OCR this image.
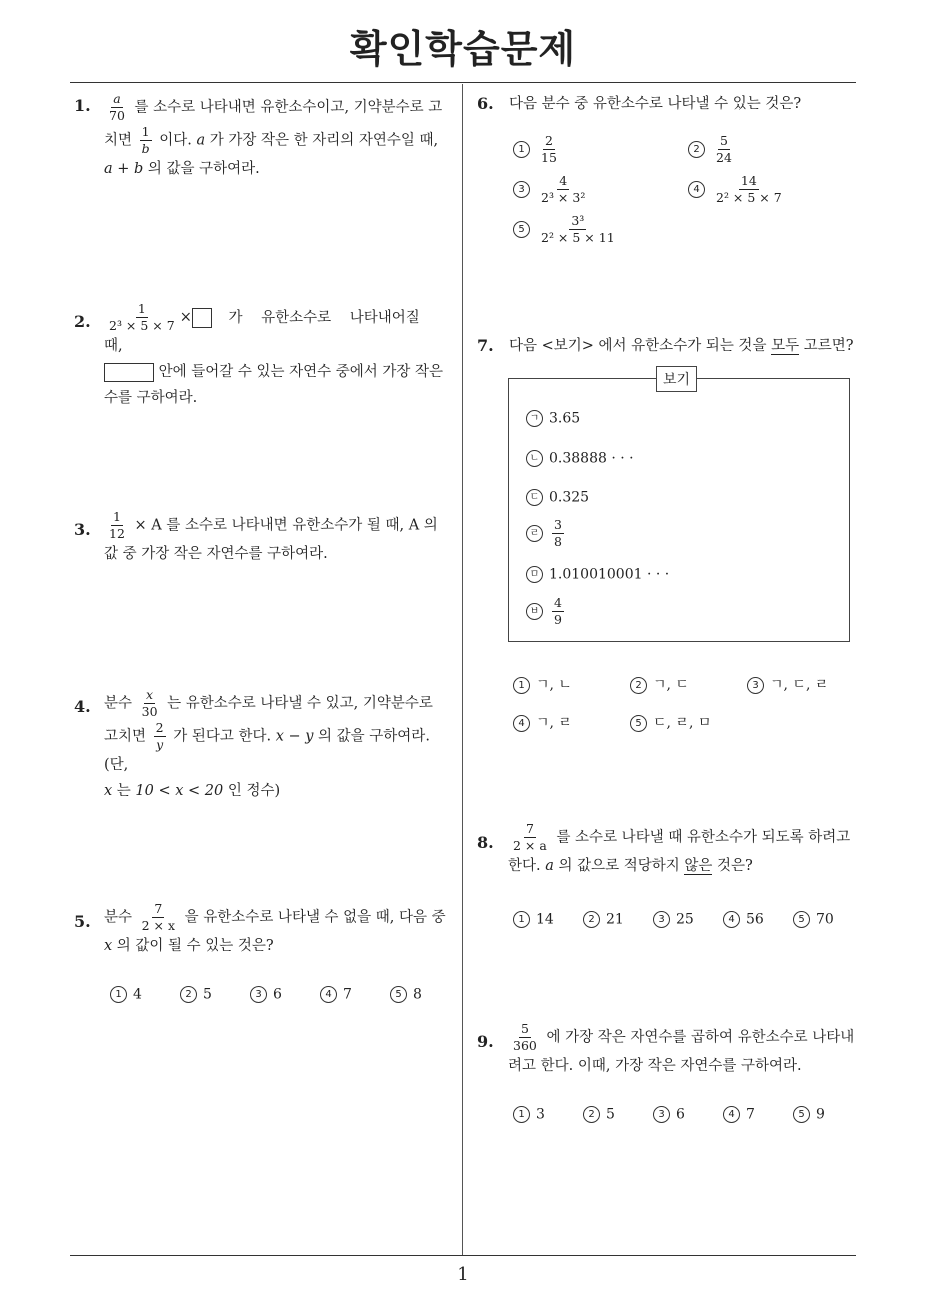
확인학습문제
1
1. $\frac{a}{70}$ 를 소수로 나타내면 유한소수이고, 기약분수로 고
치면 $\frac{1}{b}$ 이다. a 가 가장 작은 한 자리의 자연수일 때,
a + b 의 값을 구하여라.
2. $\frac{1}{\text{2³ × 5 × 7}}$ ×	가 유한소수로 나타내어질 때,
안에 들어갈 수 있는 자연수 중에서 가장 작은
수를 구하여라.
3. $\frac{1}{12} \times A$ 를 소수로 나타내면 유한소수가 될 때, A 의
값 중 가장 작은 자연수를 구하여라.
4. 분수 $\frac{x}{30}$ 는 유한소수로 나타낼 수 있고, 기약분수로
고치면 $\frac{2}{y}$ 가 된다고 한다. x − y 의 값을 구하여라. (단,
x 는 10 < x < 20 인 정수)
5. 분수 $\frac{7}{2 \times x}$ 을 유한소수로 나타낼 수 없을 때, 다음 중
x 의 값이 될 수 있는 것은?
1 4	2 5	3 6	4 7	5 8
6. 다음 분수 중 유한소수로 나타낼 수 있는 것은?
$1 \frac{2}{15}$	$2 \frac{5}{24}$
$3 \frac{4}{\text{2³ × 3²}}$	$4 \frac{14}{\text{2² × 5 × 7}}$
$5 \frac{\text{3³}}{\text{2² × 5 × 11}}$
7. 다음 <보기> 에서 유한소수가 되는 것을 모두 고르면?
보기
ㄱ 3.65
ㄴ 0.38888 · · ·
ㄷ 0.325
ㄹ $\frac{3}{8}$
ㅁ 1.010010001 · · ·
ㅂ $\frac{4}{9}$
1 ㄱ, ㄴ	2 ㄱ, ㄷ	3 ㄱ, ㄷ, ㄹ
4 ㄱ, ㄹ	5 ㄷ, ㄹ, ㅁ
8. $\frac{7}{2 \times a}$ 를 소수로 나타낼 때 유한소수가 되도록 하려고
한다. a 의 값으로 적당하지 않은 것은?
1 14	2 21	3 25	4 56	5 70
9. $\frac{5}{360}$ 에 가장 작은 자연수를 곱하여 유한소수로 나타내
려고 한다. 이때, 가장 작은 자연수를 구하여라.
1 3	2 5	3 6	4 7	5 9
